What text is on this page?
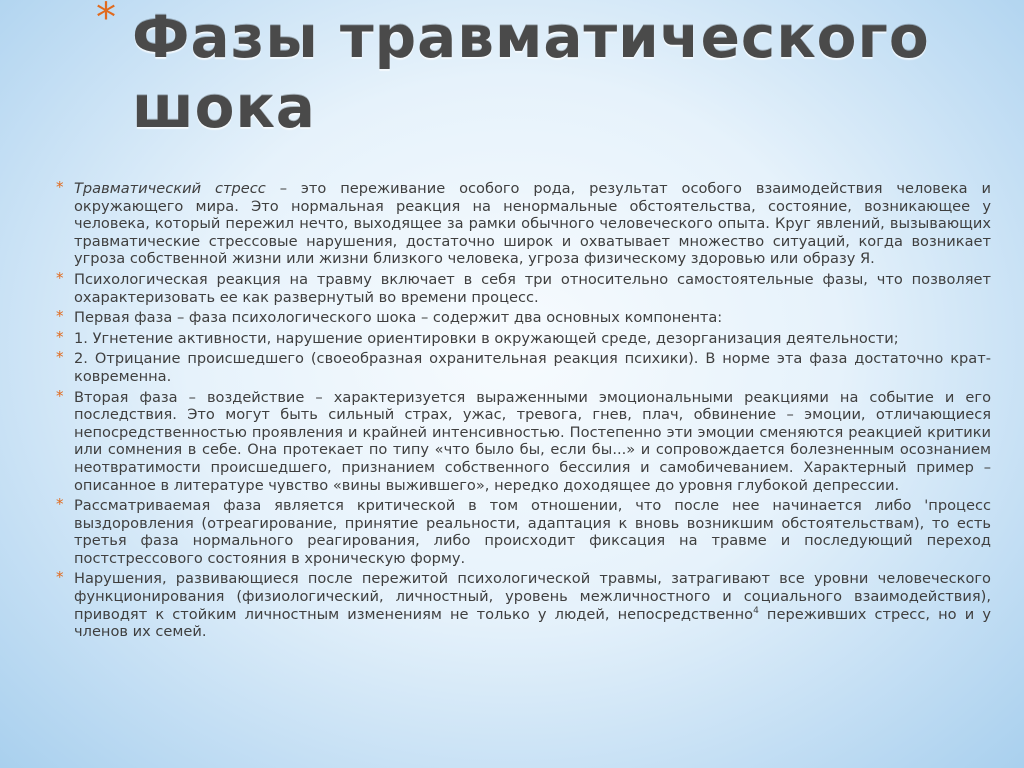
* Фазы травматического шока
* Травматический стресс – это переживание особого рода, результат особого взаимодействия человека и окружающего мира. Это нормальная реакция на ненормальные обстоятельства, состояние, возникающее у человека, который пережил нечто, выходящее за рамки обычного человеческого опыта. Круг явлений, вызывающих травматические стрессовые нарушения, достаточно широк и охватывает множество ситуаций, когда возникает угроза собственной жизни или жизни близкого человека, угроза физическому здоровью или образу Я.
* Психологическая реакция на травму включает в себя три относительно самостоятельные фазы, что позволяет охарактеризовать ее как развернутый во времени процесс.
* Первая фаза – фаза психологического шока – содержит два основных компонента:
* 1. Угнетение активности, нарушение ориентировки в окружающей среде, дезорганизация деятельности;
* 2. Отрицание происшедшего (своеобразная охранительная реакция психики). В норме эта фаза достаточно крат-ковременна.
* Вторая фаза – воздействие – характеризуется выраженными эмоциональными реакциями на событие и его последствия. Это могут быть сильный страх, ужас, тревога, гнев, плач, обвинение – эмоции, отличающиеся непосредственностью проявления и крайней интенсивностью. Постепенно эти эмоции сменяются реакцией критики или сомнения в себе. Она протекает по типу «что было бы, если бы...» и сопровождается болезненным осознанием неотвратимости происшедшего, признанием собственного бессилия и самобичеванием. Характерный пример – описанное в литературе чувство «вины выжившего», нередко доходящее до уровня глубокой депрессии.
* Рассматриваемая фаза является критической в том отношении, что после нее начинается либо 'процесс выздоровления (отреагирование, принятие реальности, адаптация к вновь возникшим обстоятельствам), то есть третья фаза нормального реагирования, либо происходит фиксация на травме и последующий переход постстрессового состояния в хроническую форму.
* Нарушения, развивающиеся после пережитой психологической травмы, затрагивают все уровни человеческого функционирования (физиологический, личностный, уровень межличностного и социального взаимодействия), приводят к стойким личностным изменениям не только у людей, непосредственно$^4$ переживших стресс, но и у членов их семей.
